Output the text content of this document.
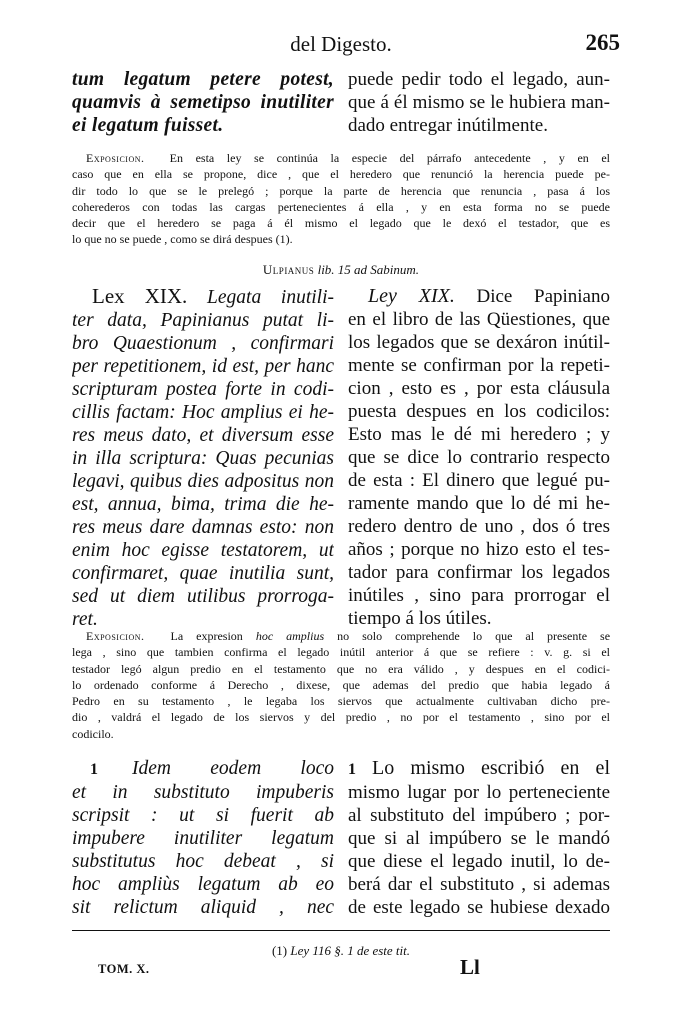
del Digesto.	265
tum legatum petere potest,
quamvis à semetipso inutiliter
ei legatum fuisset.
puede pedir todo el legado, aun-
que á él mismo se le hubiera man-
dado entregar inútilmente.
Exposicion. En esta ley se continúa la especie del párrafo antecedente , y en el
caso que en ella se propone, dice , que el heredero que renunció la herencia puede pe-
dir todo lo que se le prelegó ; porque la parte de herencia que renuncia , pasa á los
coherederos con todas las cargas pertenecientes á ella , y en esta forma no se puede
decir que el heredero se paga á él mismo el legado que le dexó el testador, que es
lo que no se puede , como se dirá despues (1).
Ulpianus lib. 15 ad Sabinum.
Lex XIX. Legata inutili-
ter data, Papinianus putat li-
bro Quaestionum , confirmari
per repetitionem, id est, per hanc
scripturam postea forte in codi-
cillis factam: Hoc amplius ei he-
res meus dato, et diversum esse
in illa scriptura: Quas pecunias
legavi, quibus dies adpositus non
est, annua, bima, trima die he-
res meus dare damnas esto: non
enim hoc egisse testatorem, ut
confirmaret, quae inutilia sunt,
sed ut diem utilibus prorroga-
ret.
Ley XIX. Dice Papiniano
en el libro de las Qüestiones, que
los legados que se dexáron inútil-
mente se confirman por la repeti-
cion , esto es , por esta cláusula
puesta despues en los codicilos:
Esto mas le dé mi heredero ; y
que se dice lo contrario respecto
de esta : El dinero que legué pu-
ramente mando que lo dé mi he-
redero dentro de uno , dos ó tres
años ; porque no hizo esto el tes-
tador para confirmar los legados
inútiles , sino para prorrogar el
tiempo á los útiles.
Exposicion. La expresion hoc amplius no solo comprehende lo que al presente se
lega , sino que tambien confirma el legado inútil anterior á que se refiere : v. g. si el
testador legó algun predio en el testamento que no era válido , y despues en el codici-
lo ordenado conforme á Derecho , dixese, que ademas del predio que habia legado á
Pedro en su testamento , le legaba los siervos que actualmente cultivaban dicho pre-
dio , valdrá el legado de los siervos y del predio , no por el testamento , sino por el
codicilo.
1 Idem eodem loco
et in substituto impuberis
scripsit : ut si fuerit ab
impubere inutiliter legatum
substitutus hoc debeat , si
hoc ampliùs legatum ab eo
sit relictum aliquid , nec
1 Lo mismo escribió en el
mismo lugar por lo perteneciente
al substituto del impúbero ; por-
que si al impúbero se le mandó
que diese el legado inutil, lo de-
berá dar el substituto , si ademas
de este legado se hubiese dexado
(1) Ley 116 §. 1 de este tit.
TOM. X.	Ll
